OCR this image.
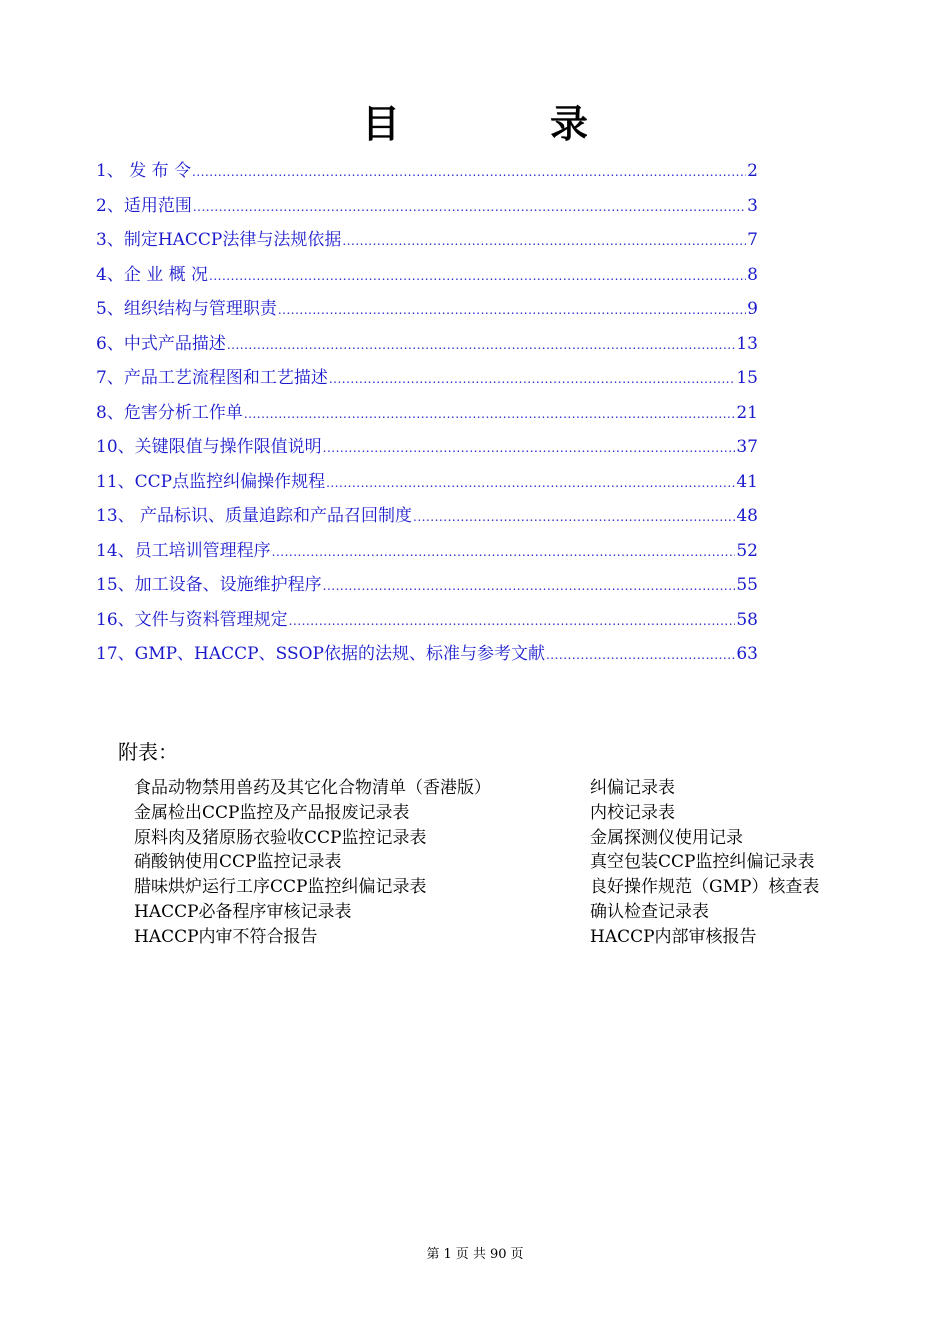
目	录
1、 发 布 令 .....	2
2、适用范围 .....	3
3、制定HACCP法律与法规依据 .....	7
4、企 业 概 况 .....	8
5、组织结构与管理职责 .....	9
6、中式产品描述 .....	13
7、产品工艺流程图和工艺描述 .....	15
8、危害分析工作单 .....	21
10、关键限值与操作限值说明 .....	37
11、CCP点监控纠偏操作规程 .....	41
13、 产品标识、质量追踪和产品召回制度 .....	48
14、员工培训管理程序 .....	52
15、加工设备、设施维护程序 .....	55
16、文件与资料管理规定 .....	58
17、GMP、HACCP、SSOP依据的法规、标准与参考文献 .....	63
附表：
食品动物禁用兽药及其它化合物清单（香港版）
金属检出CCP监控及产品报废记录表
原料肉及猪原肠衣验收CCP监控记录表
硝酸钠使用CCP监控记录表
腊味烘炉运行工序CCP监控纠偏记录表
HACCP必备程序审核记录表
HACCP内审不符合报告
纠偏记录表
内校记录表
金属探测仪使用记录
真空包装CCP监控纠偏记录表
良好操作规范（GMP）核查表
确认检查记录表
HACCP内部审核报告
第 1 页 共 90 页
